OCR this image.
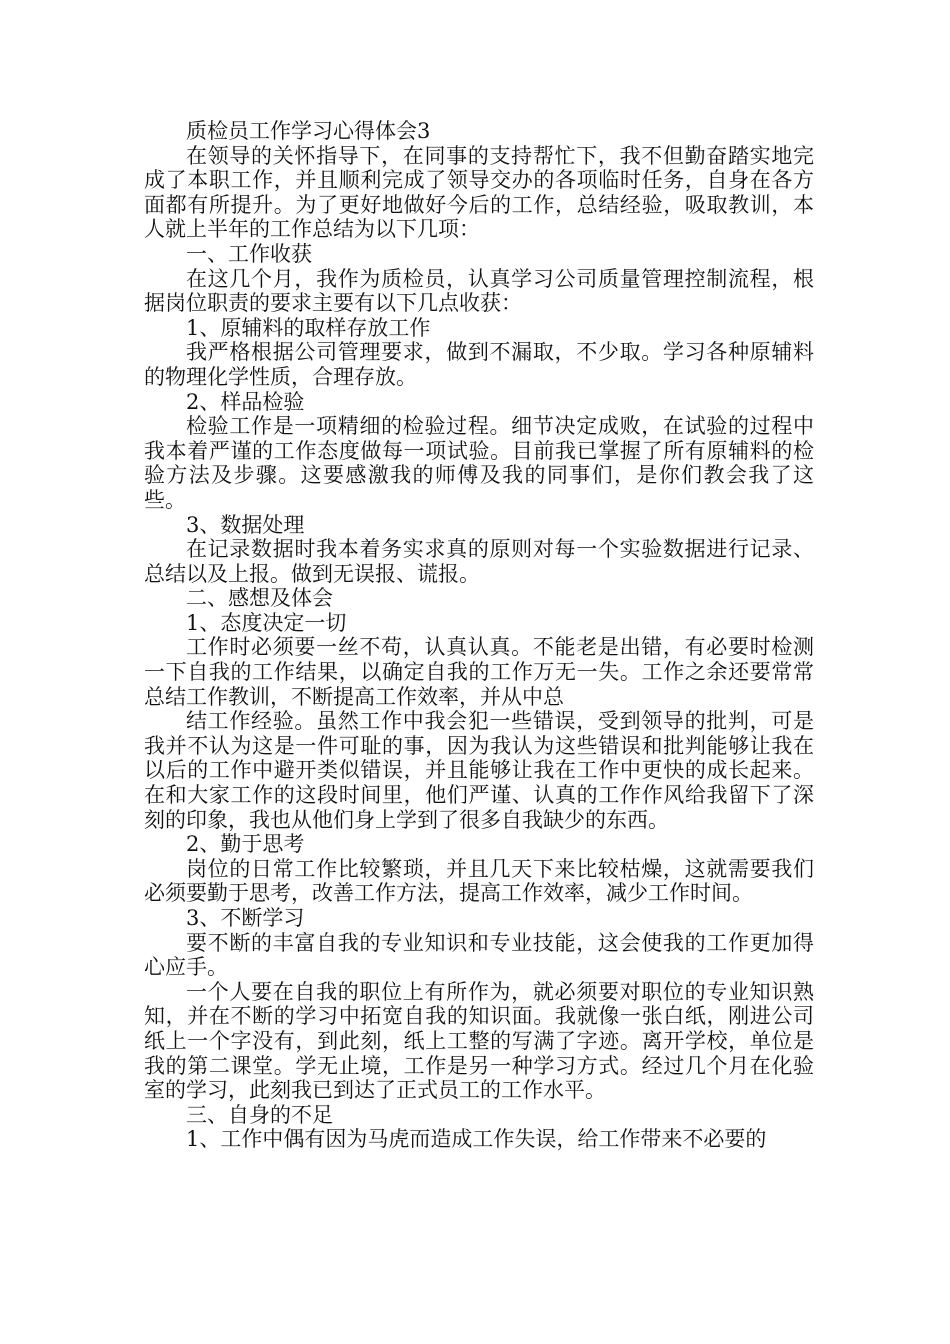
质检员工作学习心得体会3

在领导的关怀指导下，在同事的支持帮忙下，我不但勤奋踏实地完成了本职工作，并且顺利完成了领导交办的各项临时任务，自身在各方面都有所提升。为了更好地做好今后的工作，总结经验，吸取教训，本人就上半年的工作总结为以下几项：

一、工作收获

在这几个月，我作为质检员，认真学习公司质量管理控制流程，根据岗位职责的要求主要有以下几点收获：

1、原辅料的取样存放工作

我严格根据公司管理要求，做到不漏取，不少取。学习各种原辅料的物理化学性质，合理存放。

2、样品检验

检验工作是一项精细的检验过程。细节决定成败，在试验的过程中我本着严谨的工作态度做每一项试验。目前我已掌握了所有原辅料的检验方法及步骤。这要感激我的师傅及我的同事们，是你们教会我了这些。

3、数据处理

在记录数据时我本着务实求真的原则对每一个实验数据进行记录、总结以及上报。做到无误报、谎报。

二、感想及体会

1、态度决定一切

工作时必须要一丝不苟，认真认真。不能老是出错，有必要时检测一下自我的工作结果，以确定自我的工作万无一失。工作之余还要常常总结工作教训，不断提高工作效率，并从中总

结工作经验。虽然工作中我会犯一些错误，受到领导的批判，可是我并不认为这是一件可耻的事，因为我认为这些错误和批判能够让我在以后的工作中避开类似错误，并且能够让我在工作中更快的成长起来。在和大家工作的这段时间里，他们严谨、认真的工作作风给我留下了深刻的印象，我也从他们身上学到了很多自我缺少的东西。

2、勤于思考

岗位的日常工作比较繁琐，并且几天下来比较枯燥，这就需要我们必须要勤于思考，改善工作方法，提高工作效率，减少工作时间。

3、不断学习

要不断的丰富自我的专业知识和专业技能，这会使我的工作更加得心应手。

一个人要在自我的职位上有所作为，就必须要对职位的专业知识熟知，并在不断的学习中拓宽自我的知识面。我就像一张白纸，刚进公司纸上一个字没有，到此刻，纸上工整的写满了字迹。离开学校，单位是我的第二课堂。学无止境，工作是另一种学习方式。经过几个月在化验室的学习，此刻我已到达了正式员工的工作水平。

三、自身的不足

1、工作中偶有因为马虎而造成工作失误，给工作带来不必要的
